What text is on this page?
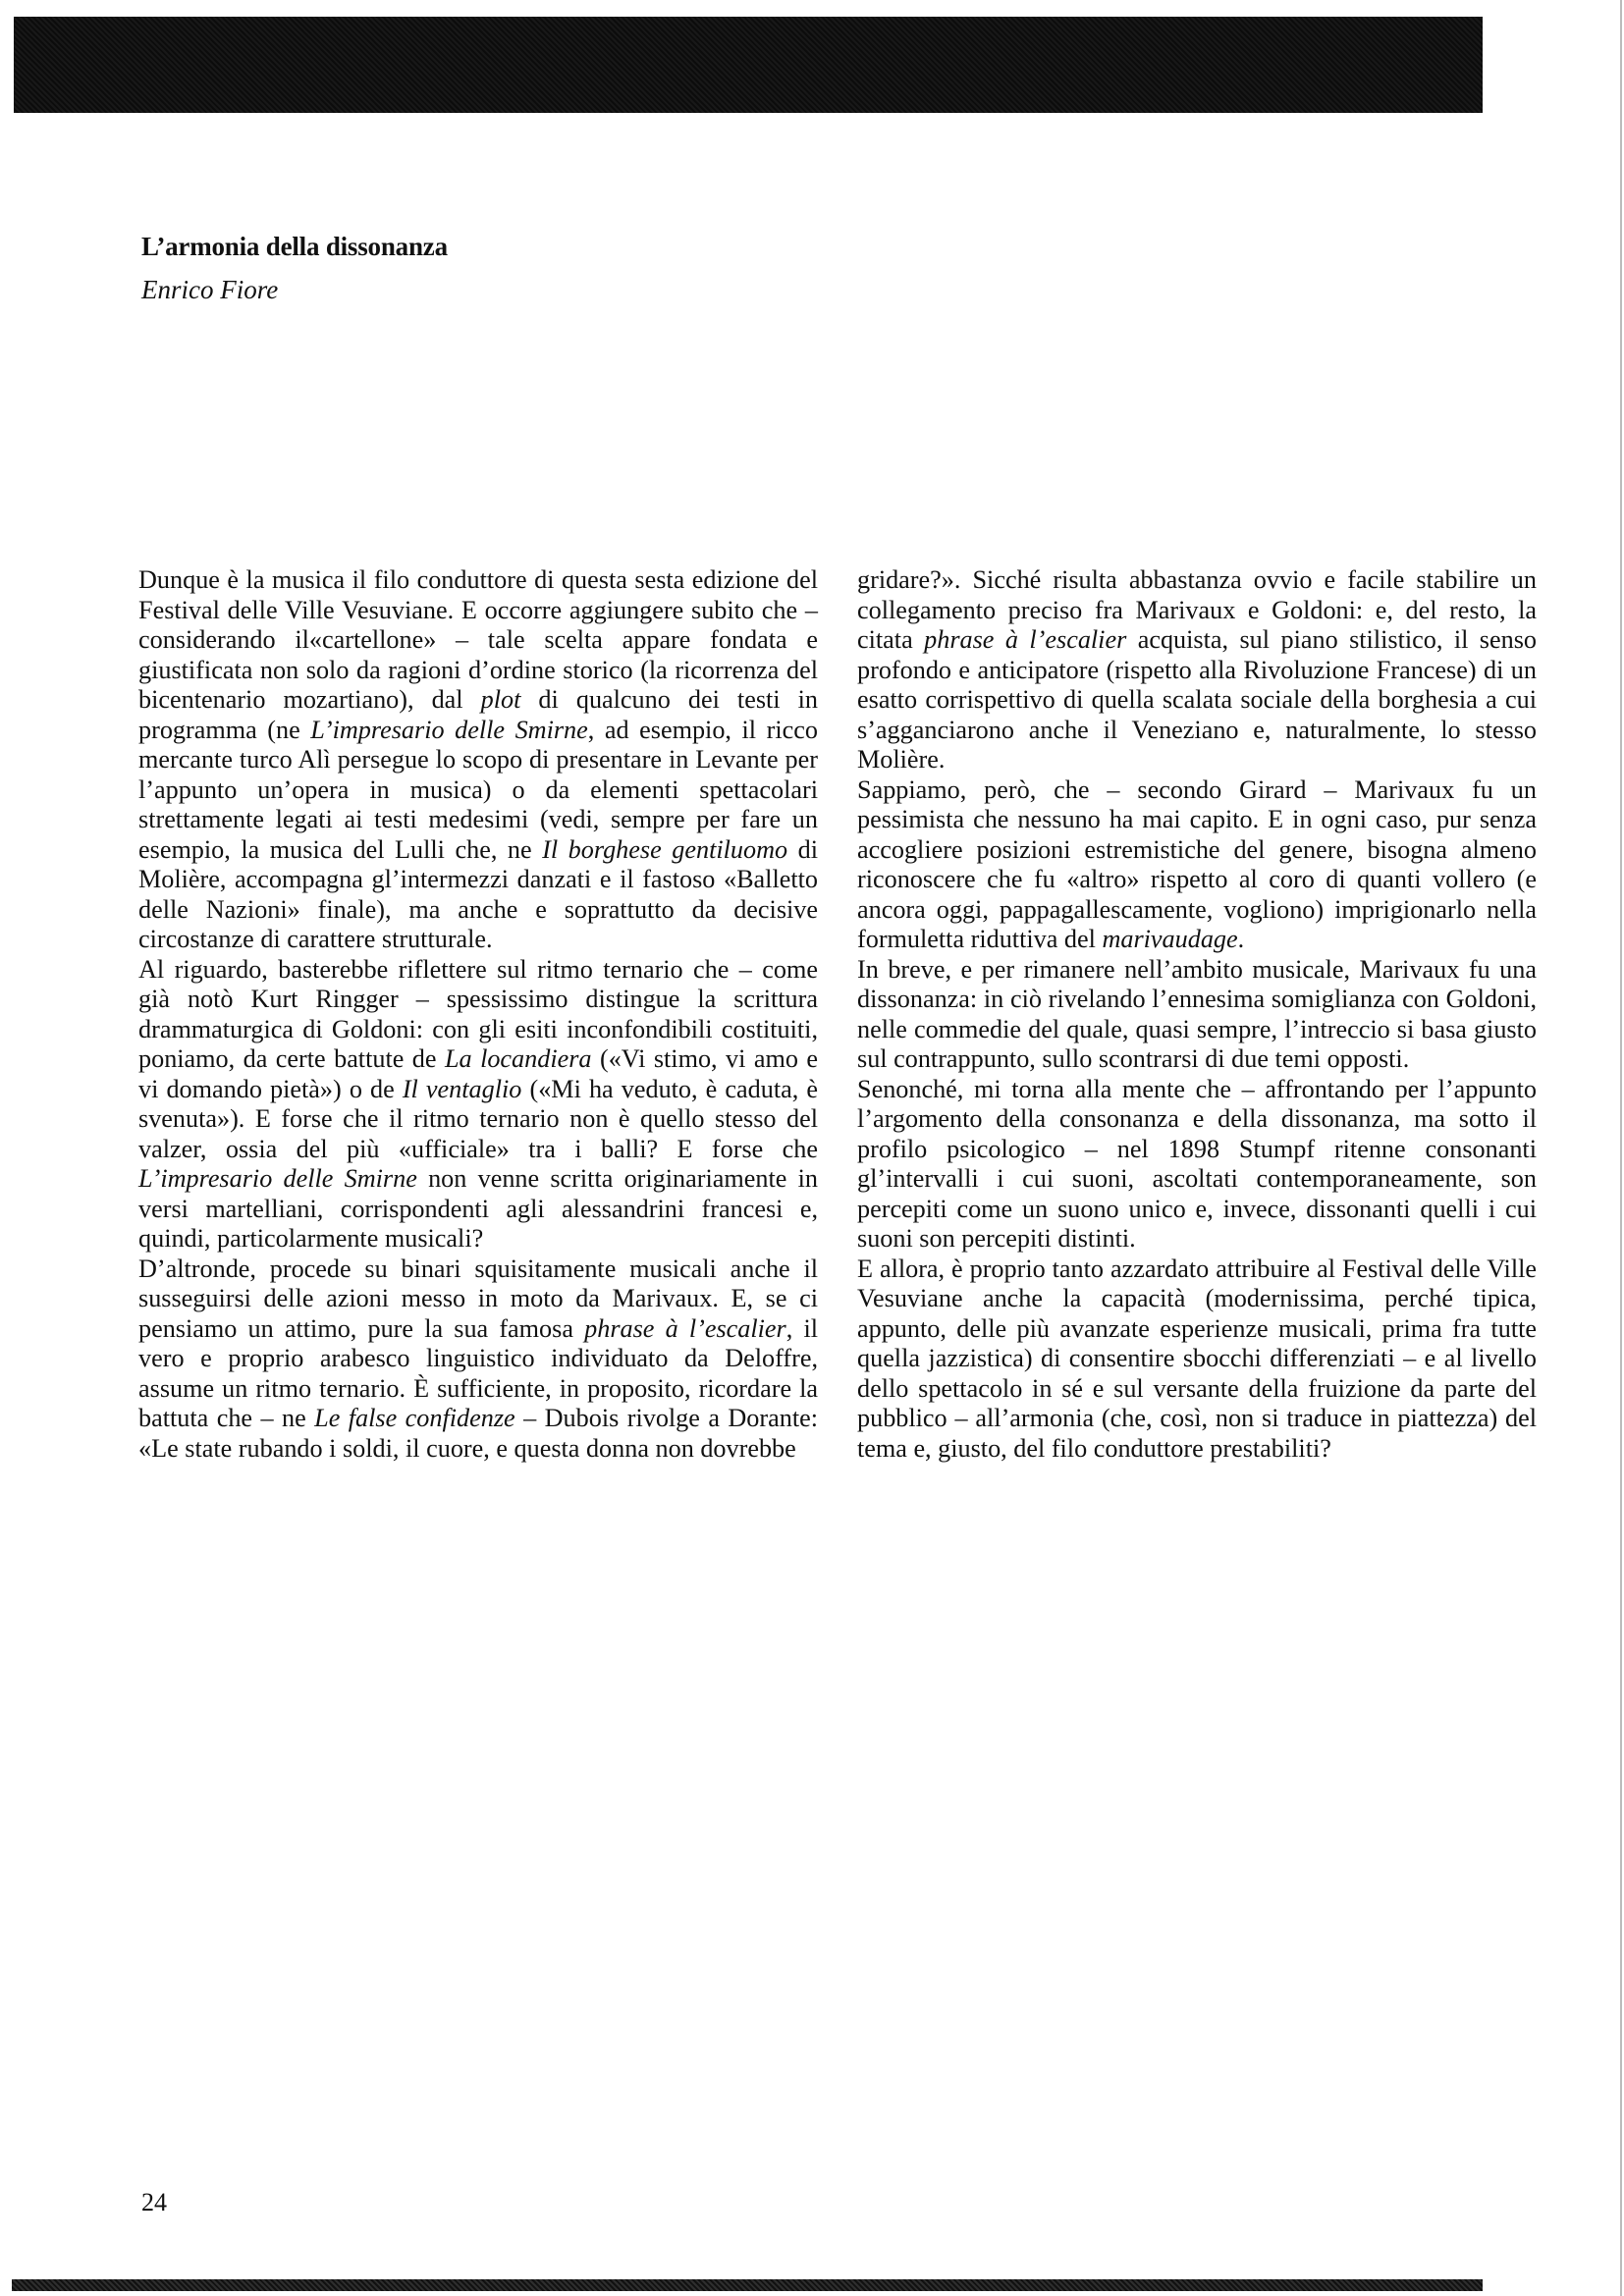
L’armonia della dissonanza
Enrico Fiore

Dunque è la musica il filo conduttore di questa sesta edizione del Festival delle Ville Vesuviane. E occorre aggiungere subito che – considerando il«cartellone» – tale scelta appare fondata e giustificata non solo da ragioni d’ordine storico (la ricorrenza del bicentenario mozartiano), dal plot di qualcuno dei testi in programma (ne L’impresario delle Smirne, ad esempio, il ricco mercante turco Alì persegue lo scopo di presentare in Levante per l’appunto un’opera in musica) o da elementi spettacolari strettamente legati ai testi medesimi (vedi, sempre per fare un esempio, la musica del Lulli che, ne Il borghese gentiluomo di Molière, accompagna gl’intermezzi danzati e il fastoso «Balletto delle Nazioni» finale), ma anche e soprattutto da decisive circostanze di carattere strutturale.

Al riguardo, basterebbe riflettere sul ritmo ternario che – come già notò Kurt Ringger – spessissimo distingue la scrittura drammaturgica di Goldoni: con gli esiti inconfondibili costituiti, poniamo, da certe battute de La locandiera («Vi stimo, vi amo e vi domando pietà») o de Il ventaglio («Mi ha veduto, è caduta, è svenuta»). E forse che il ritmo ternario non è quello stesso del valzer, ossia del più «ufficiale» tra i balli? E forse che L’impresario delle Smirne non venne scritta originariamente in versi martelliani, corrispondenti agli alessandrini francesi e, quindi, particolarmente musicali?

D’altronde, procede su binari squisitamente musicali anche il susseguirsi delle azioni messo in moto da Marivaux. E, se ci pensiamo un attimo, pure la sua famosa phrase à l’escalier, il vero e proprio arabesco linguistico individuato da Deloffre, assume un ritmo ternario. È sufficiente, in proposito, ricordare la battuta che – ne Le false confidenze – Dubois rivolge a Dorante: «Le state rubando i soldi, il cuore, e questa donna non dovrebbe

gridare?». Sicché risulta abbastanza ovvio e facile stabilire un collegamento preciso fra Marivaux e Goldoni: e, del resto, la citata phrase à l’escalier acquista, sul piano stilistico, il senso profondo e anticipatore (rispetto alla Rivoluzione Francese) di un esatto corrispettivo di quella scalata sociale della borghesia a cui s’agganciarono anche il Veneziano e, naturalmente, lo stesso Molière.

Sappiamo, però, che – secondo Girard – Marivaux fu un pessimista che nessuno ha mai capito. E in ogni caso, pur senza accogliere posizioni estremistiche del genere, bisogna almeno riconoscere che fu «altro» rispetto al coro di quanti vollero (e ancora oggi, pappagallescamente, vogliono) imprigionarlo nella formuletta riduttiva del marivaudage.

In breve, e per rimanere nell’ambito musicale, Marivaux fu una dissonanza: in ciò rivelando l’ennesima somiglianza con Goldoni, nelle commedie del quale, quasi sempre, l’intreccio si basa giusto sul contrappunto, sullo scontrarsi di due temi opposti.

Senonché, mi torna alla mente che – affrontando per l’appunto l’argomento della consonanza e della dissonanza, ma sotto il profilo psicologico – nel 1898 Stumpf ritenne consonanti gl’intervalli i cui suoni, ascoltati contemporaneamente, son percepiti come un suono unico e, invece, dissonanti quelli i cui suoni son percepiti distinti.

E allora, è proprio tanto azzardato attribuire al Festival delle Ville Vesuviane anche la capacità (modernissima, perché tipica, appunto, delle più avanzate esperienze musicali, prima fra tutte quella jazzistica) di consentire sbocchi differenziati – e al livello dello spettacolo in sé e sul versante della fruizione da parte del pubblico – all’armonia (che, così, non si traduce in piattezza) del tema e, giusto, del filo conduttore prestabiliti?

24
